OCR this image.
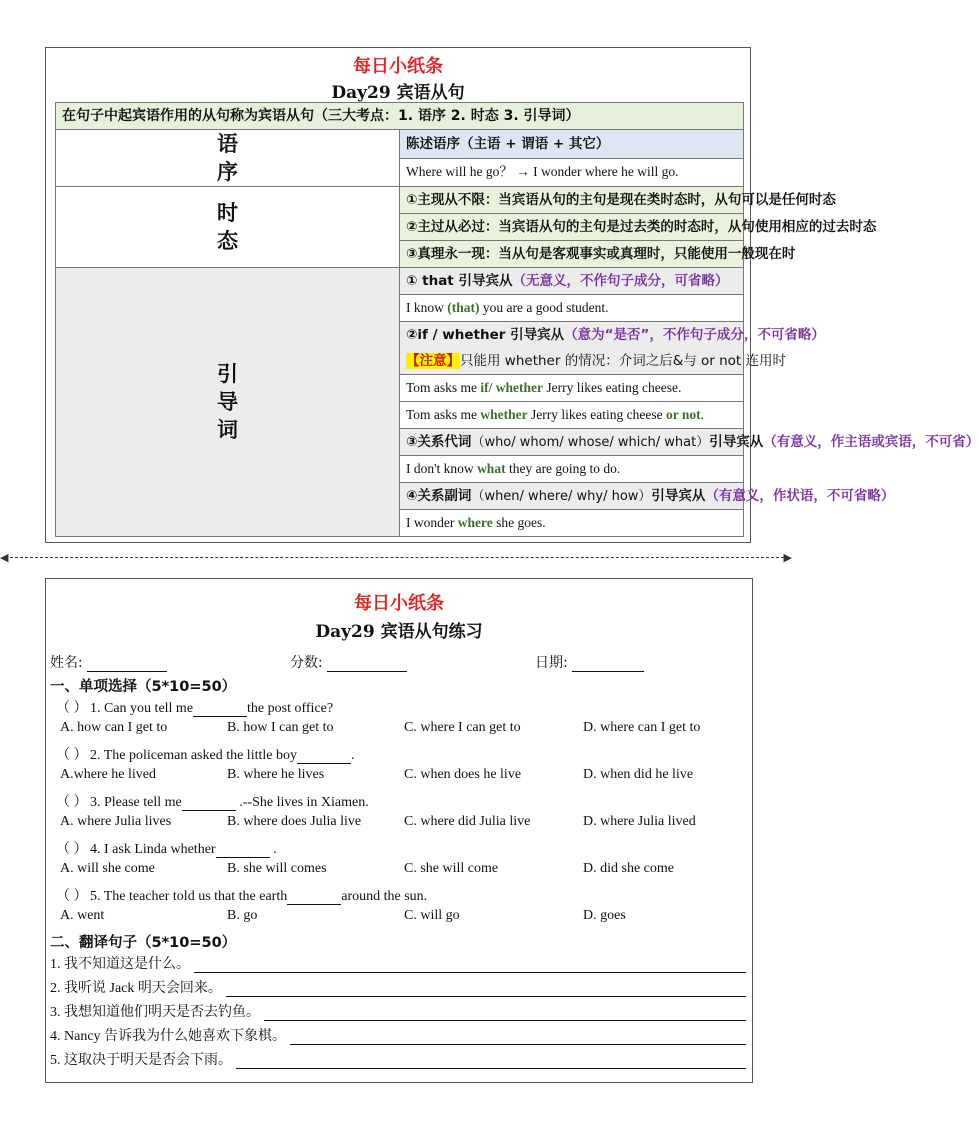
每日小纸条
Day29 宾语从句
在句子中起宾语作用的从句称为宾语从句（三大考点：1. 语序 2. 时态 3. 引导词）	

语
序	陈述语序（主语 + 谓语 + 其它）
	Where will he go？ → I wonder where he will go.

时
态	①主现从不限：当宾语从句的主句是现在类时态时，从句可以是任何时态
	②主过从必过：当宾语从句的主句是过去类的时态时，从句使用相应的过去时态
	③真理永一现：当从句是客观事实或真理时，只能使用一般现在时

引
导
词	① that 引导宾从（无意义，不作句子成分，可省略）
	I know (that) you are a good student.
	②if / whether 引导宾从（意为“是否”，不作句子成分，不可省略）
	【注意】只能用 whether 的情况：介词之后&与 or not 连用时
	Tom asks me if/ whether Jerry likes eating cheese.
	Tom asks me whether Jerry likes eating cheese or not.
	③关系代词（who/ whom/ whose/ which/ what）引导宾从（有意义，作主语或宾语，不可省）
	I don't know what they are going to do.
	④关系副词（when/ where/ why/ how）引导宾从（有意义，作状语，不可省略）
	I wonder where she goes.
◀	▶
每日小纸条
Day29 宾语从句练习
姓名:	分数:	日期:
一、单项选择（5*10=50）
（ ） 1. Can you tell me	the post office?
A. how can I get to	B. how I can get to	C. where I can get to	D. where can I get to
（ ） 2. The policeman asked the little boy	.
A.where he lived	B. where he lives	C. when does he live	D. when did he live
（ ） 3. Please tell me	.--She lives in Xiamen.
A. where Julia lives	B. where does Julia live	C. where did Julia live	D. where Julia lived
（ ） 4. I ask Linda whether	.
A. will she come	B. she will comes	C. she will come	D. did she come
（ ） 5. The teacher told us that the earth	around the sun.
A. went	B. go	C. will go	D. goes
二、翻译句子（5*10=50）
1. 我不知道这是什么。
2. 我听说 Jack 明天会回来。
3. 我想知道他们明天是否去钓鱼。
4. Nancy 告诉我为什么她喜欢下象棋。
5. 这取决于明天是否会下雨。
